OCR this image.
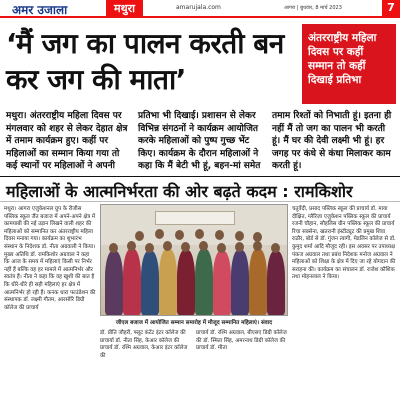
अमर उजाला	मथुरा	amarujala.com	आगरा | बुधवार, 8 मार्च 2023	7
‘मैं जग का पालन करती बन कर जग की माता’
अंतरराष्ट्रीय महिला दिवस पर कहीं सम्मान तो कहीं दिखाई प्रतिभा
मथुरा। अंतरराष्ट्रीय महिला दिवस पर मंगलवार को शहर से लेकर देहात क्षेत्र में तमाम कार्यक्रम हुए। कहीं पर महिलाओं का सम्मान किया गया तो कई स्थानों पर महिलाओं ने अपनी
प्रतिभा भी दिखाई। प्रशासन से लेकर विभिन्न संगठनों ने कार्यक्रम आयोजित करके महिलाओं को पुष्प गुच्छ भेंट किए। कार्यक्रम के दौरान महिलाओं ने कहा कि मैं बेटी भी हूं, बहन-मां समेत
तमाम रिश्तों को निभाती हूं। इतना ही नहीं मैं तो जग का पालन भी करती हूं। मैं घर की देवी लक्ष्मी भी हूं। हर जगह पर कंधे से कंधा मिलाकर काम करती हूं।
महिलाओं के आत्मनिर्भरता की ओर बढ़ते कदम : रामकिशोर
मथुरा। आगरा एजुकेशनल ग्रुप के रीजीस पब्लिक स्कूल जैंत बजाज में अपने-अपने क्षेत्र में कामयाबी की नई उड़ान लिखने वाली शहर की महिलाओं को सम्मानित कर अंतरराष्ट्रीय महिला दिवस मनाया गया। कार्यक्रम का शुभारंभ संस्थान के निदेशक डॉ. नीता अग्रवाली ने किया। मुख्य अतिथि डॉ. रामकिशोर अग्रवाल ने कहा कि आज के समय में महिलाएं किसी पर निर्भर नहीं हैं बल्कि वह हर मामले में आत्मनिर्भर और स्वतंत्र हैं। नीता ने कहा कि वह खुशी की बात है कि धीरे-धीरे ही सही महिलाएं हर क्षेत्र में आत्मनिर्भर हो रही हैं। कनक धारा फाउंडेशन की संस्थापक डॉ. लक्ष्मी गौतम, आरसोरि डिग्री कॉलेज की प्राचार्य
चतुर्वेदी, प्रसाद पब्लिक स्कूल की प्राचार्य डॉ. माया दीक्षित, ग्लैरिजा एजुकेशन पब्लिक स्कूल की प्राचार्य रजनी चौहान, सौहलिस ग्रीन पब्लिक स्कूल की प्राचार्य रिचा सक्सेना, खतरानी इंस्टीट्यूट की प्रमुख शिवा राठौर, बोर्ड से डॉ. गुंजन त्यागी, मेडलिन कॉलेज से डॉ. कुमुद शर्मा आदि मौजूद रही। इस अवसर पर उपाध्यक्ष पंकज अग्रवाल तथा प्रबंध निदेशक मनोज अग्रवाल ने महिलाओं को शिक्षा के क्षेत्र में दिए जा रहे योगदान की सराहना की। कार्यक्रम का संचालन डॉ. राजेश कौशिक तथा मोहनलाल ने किया।
जीएल बजाज में आयोजित सम्मान समारोह में मौजूद सम्मानित महिलाएं। संवाद
डॉ. प्रीति जौहरी, फ्लूट कंटेंट इंटर कॉलेज की प्राचार्या डॉ. नीता सिंह, केआर कॉलेज की प्राचार्य डॉ. रश्मि अग्रवाल, केआर इंटर कॉलेज की
प्राचार्य डॉ. रश्मि अग्रवाल, बीएसए डिग्री कॉलेज की डॉ. स्मिता सिंह, अमरनाथ डिग्री कॉलेज की प्राचार्य डॉ. मीता
